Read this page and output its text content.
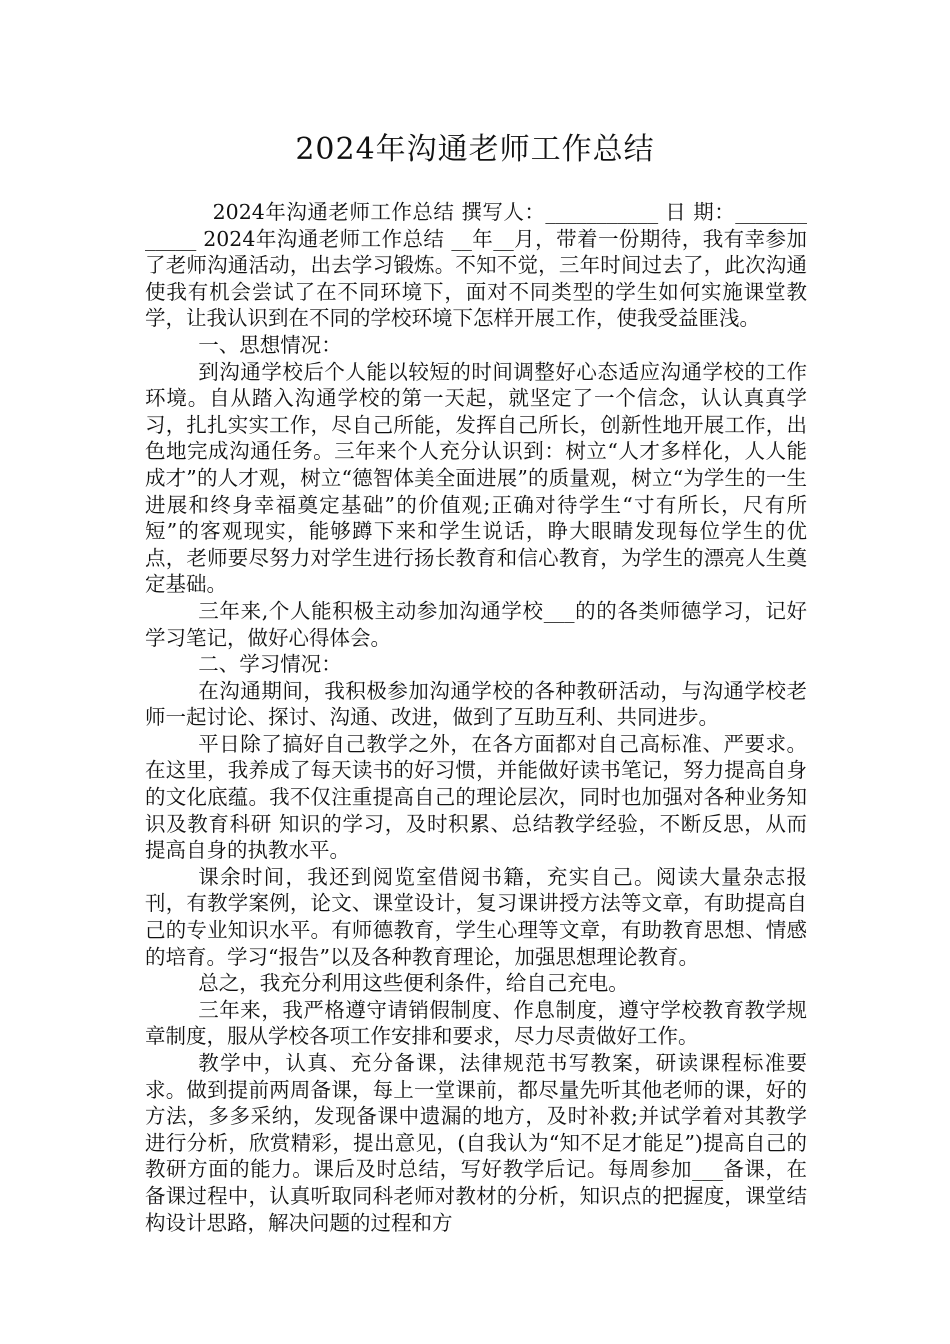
2024年沟通老师工作总结

2024年沟通老师工作总结 撰写人：___________ 日 期：____________ 2024年沟通老师工作总结 __年__月，带着一份期待，我有幸参加了老师沟通活动，出去学习锻炼。不知不觉，三年时间过去了，此次沟通使我有机会尝试了在不同环境下，面对不同类型的学生如何实施课堂教学，让我认识到在不同的学校环境下怎样开展工作，使我受益匪浅。

一、思想情况：

到沟通学校后个人能以较短的时间调整好心态适应沟通学校的工作环境。自从踏入沟通学校的第一天起，就坚定了一个信念，认认真真学习，扎扎实实工作，尽自己所能，发挥自己所长，创新性地开展工作，出色地完成沟通任务。三年来个人充分认识到：树立“人才多样化，人人能成才”的人才观，树立“德智体美全面进展”的质量观，树立“为学生的一生进展和终身幸福奠定基础”的价值观;正确对待学生“寸有所长，尺有所短”的客观现实，能够蹲下来和学生说话，睁大眼睛发现每位学生的优点，老师要尽努力对学生进行扬长教育和信心教育，为学生的漂亮人生奠定基础。

三年来,个人能积极主动参加沟通学校___的的各类师德学习，记好学习笔记，做好心得体会。

二、学习情况：

在沟通期间，我积极参加沟通学校的各种教研活动，与沟通学校老师一起讨论、探讨、沟通、改进，做到了互助互利、共同进步。

平日除了搞好自己教学之外，在各方面都对自己高标准、严要求。在这里，我养成了每天读书的好习惯，并能做好读书笔记，努力提高自身的文化底蕴。我不仅注重提高自己的理论层次，同时也加强对各种业务知识及教育科研 知识的学习，及时积累、总结教学经验，不断反思，从而提高自身的执教水平。

课余时间，我还到阅览室借阅书籍，充实自己。阅读大量杂志报刊，有教学案例，论文、课堂设计，复习课讲授方法等文章，有助提高自己的专业知识水平。有师德教育，学生心理等文章，有助教育思想、情感的培育。学习“报告”以及各种教育理论，加强思想理论教育。

总之，我充分利用这些便利条件，给自己充电。

三年来，我严格遵守请销假制度、作息制度，遵守学校教育教学规章制度，服从学校各项工作安排和要求，尽力尽责做好工作。

教学中，认真、充分备课，法律规范书写教案，研读课程标准要求。做到提前两周备课，每上一堂课前，都尽量先听其他老师的课，好的方法，多多采纳，发现备课中遗漏的地方，及时补救;并试学着对其教学进行分析，欣赏精彩，提出意见，(自我认为“知不足才能足”)提高自己的教研方面的能力。课后及时总结，写好教学后记。每周参加___备课，在备课过程中，认真听取同科老师对教材的分析，知识点的把握度，课堂结构设计思路，解决问题的过程和方
